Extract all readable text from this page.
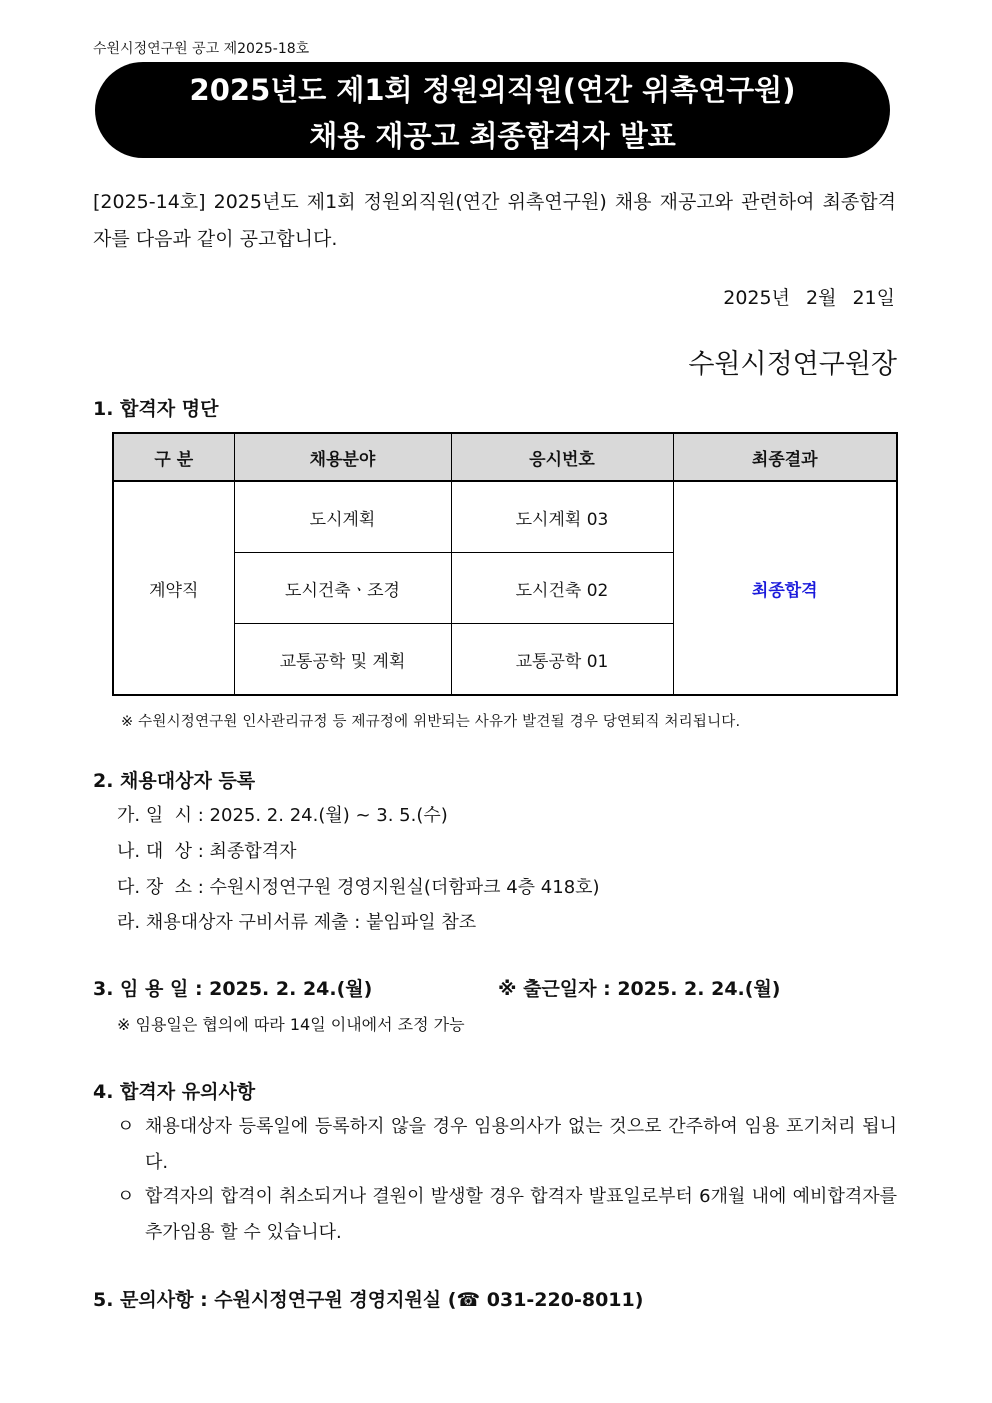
수원시정연구원 공고 제2025-18호
2025년도 제1회 정원외직원(연간 위촉연구원)
채용 재공고 최종합격자 발표
[2025-14호] 2025년도 제1회 정원외직원(연간 위촉연구원) 채용 재공고와 관련하여 최종합격자를 다음과 같이 공고합니다.
2025년 2월 21일
수원시정연구원장
1. 합격자 명단
구 분	채용분야	응시번호	최종결과
계약직	도시계획	도시계획 03	최종합격
	도시건축ㆍ조경	도시건축 02	
	교통공학 및 계획	교통공학 01	
※ 수원시정연구원 인사관리규정 등 제규정에 위반되는 사유가 발견될 경우 당연퇴직 처리됩니다.
2. 채용대상자 등록
가. 일  시 : 2025. 2. 24.(월) ~ 3. 5.(수)
나. 대  상 : 최종합격자
다. 장  소 : 수원시정연구원 경영지원실(더함파크 4층 418호)
라. 채용대상자 구비서류 제출 : 붙임파일 참조
3. 임 용 일 : 2025. 2. 24.(월)	※ 출근일자 : 2025. 2. 24.(월)
※ 임용일은 협의에 따라 14일 이내에서 조정 가능
4. 합격자 유의사항
ㅇ 채용대상자 등록일에 등록하지 않을 경우 임용의사가 없는 것으로 간주하여 임용 포기처리 됩니다.
ㅇ 합격자의 합격이 취소되거나 결원이 발생할 경우 합격자 발표일로부터 6개월 내에 예비합격자를 추가임용 할 수 있습니다.
5. 문의사항 : 수원시정연구원 경영지원실 (☎ 031-220-8011)
